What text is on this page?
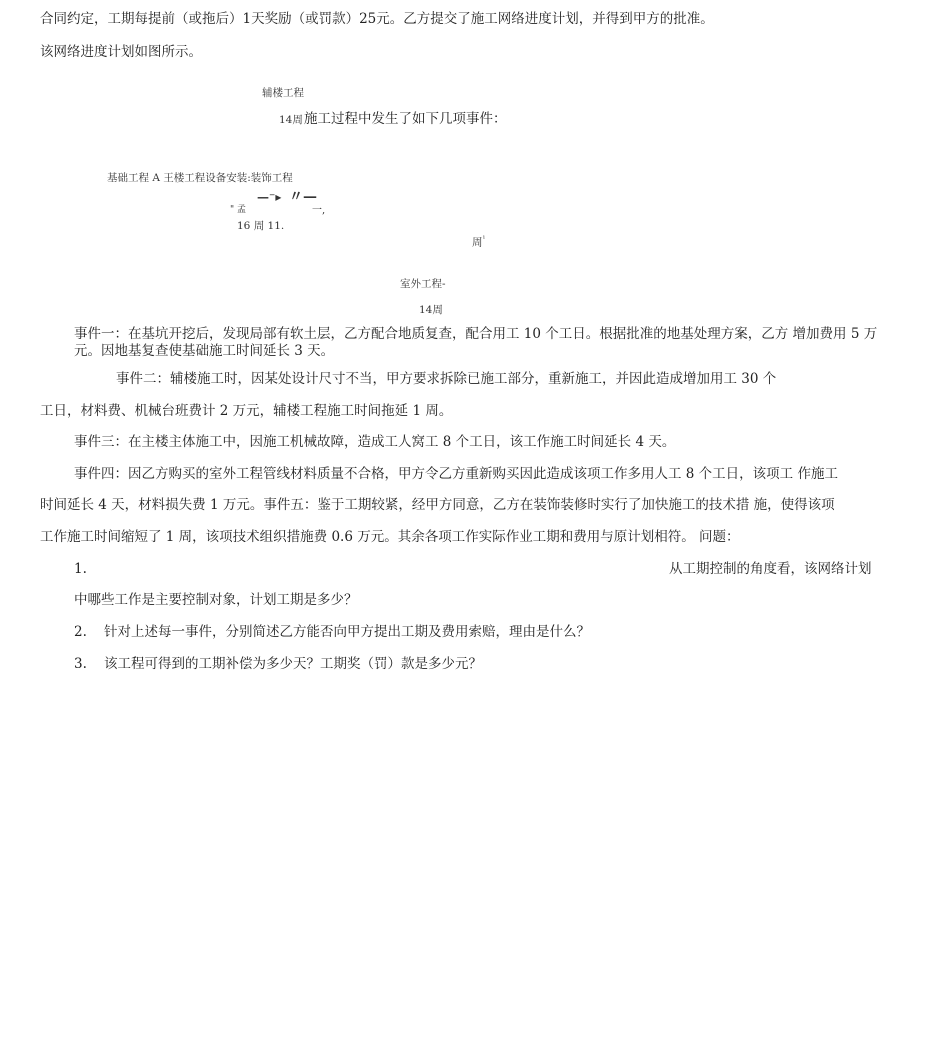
合同约定，工期每提前（或拖后）1天奖励（或罚款）25元。乙方提交了施工网络进度计划，并得到甲方的批准。
该网络进度计划如图所示。
辅楼工程
14周 施工过程中发生了如下几项事件：
基础工程 A 王楼工程设备安装:装饰工程
" 孟
—⁻▸ 〃—
一,
16 周 11.
周$^{^1}$
室外工程-
14周
事件一：在基坑开挖后，发现局部有软土层，乙方配合地质复查，配合用工 10 个工日。根据批准的地基处理方案，乙方 增加费用 5 万元。因地基复查使基础施工时间延长 3 天。
事件二：辅楼施工时，因某处设计尺寸不当，甲方要求拆除已施工部分，重新施工，并因此造成增加用工 30 个
工日，材料费、机械台班费计 2 万元，辅楼工程施工时间拖延 1 周。
事件三：在主楼主体施工中，因施工机械故障，造成工人窝工 8 个工日，该工作施工时间延长 4 天。
事件四：因乙方购买的室外工程管线材料质量不合格，甲方令乙方重新购买因此造成该项工作多用人工 8 个工日，该项工 作施工
时间延长 4 天，材料损失费 1 万元。事件五：鉴于工期较紧，经甲方同意，乙方在装饰装修时实行了加快施工的技术措 施，使得该项
工作施工时间缩短了 1 周，该项技术组织措施费 0.6 万元。其余各项工作实际作业工期和费用与原计划相符。 问题：
1.	从工期控制的角度看，该网络计划
中哪些工作是主要控制对象，计划工期是多少？
2.    针对上述每一事件，分别简述乙方能否向甲方提出工期及费用索赔，理由是什么？
3.    该工程可得到的工期补偿为多少天？工期奖（罚）款是多少元？
